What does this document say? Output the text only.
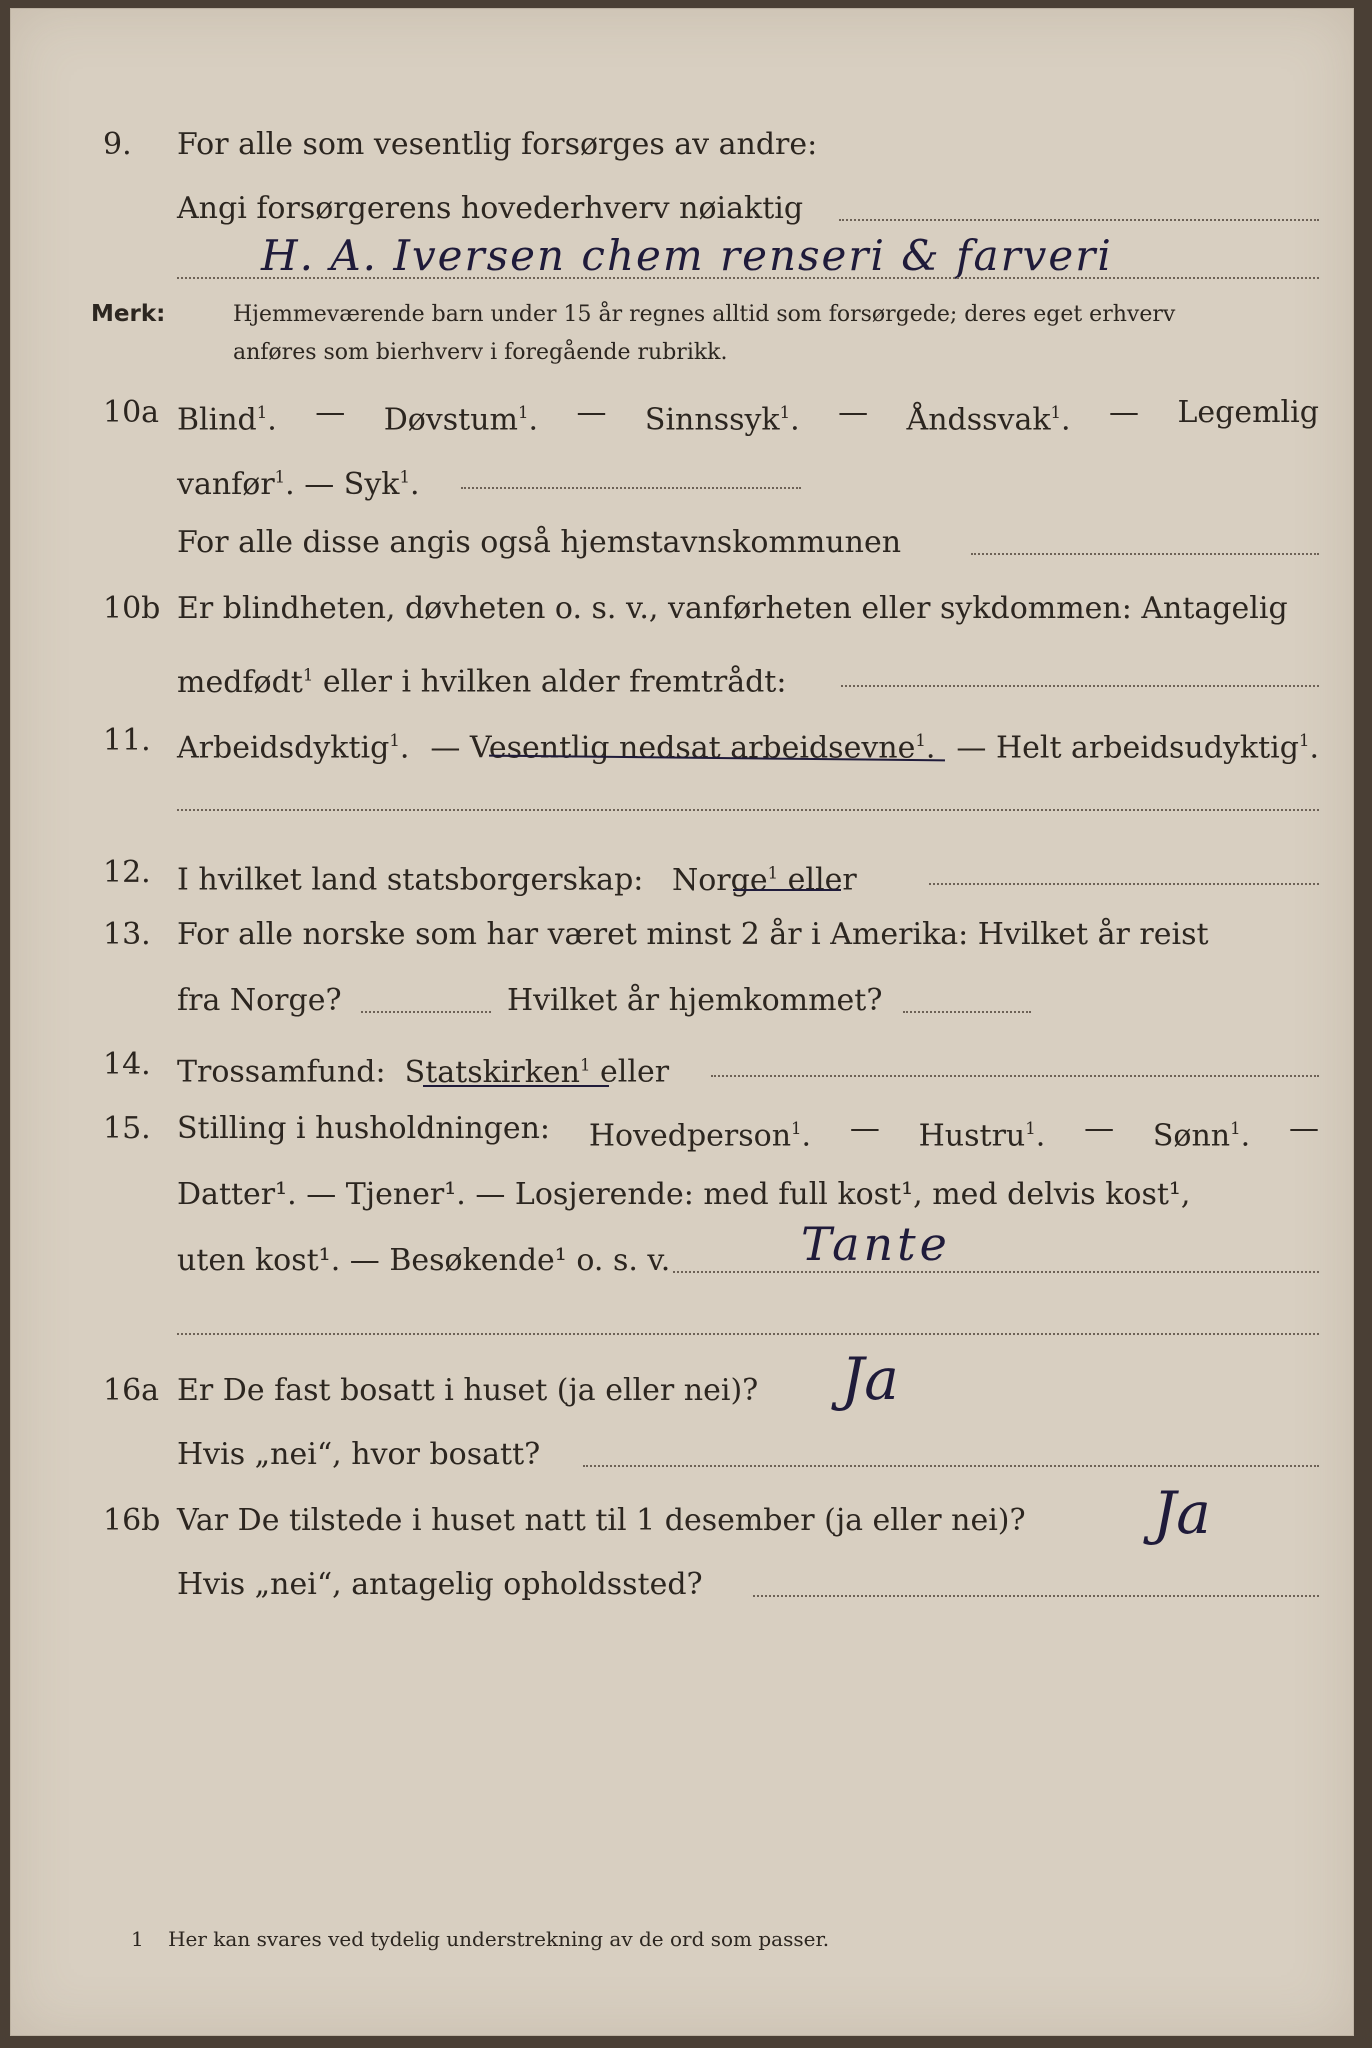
9.	For alle som vesentlig forsørges av andre:
Angi forsørgerens hovederhverv nøiaktig
H. A. Iversen chem renseri & farveri
Merk:	Hjemmeværende barn under 15 år regnes alltid som forsørgede; deres eget erhverv
anføres som bierhverv i foregående rubrikk.
10a Blind$^1$. — Døvstum$^1$. — Sinnssyk$^1$. — Åndssvak$^1$. — Legemlig
vanfør$^1$. — Syk$^1$.
For alle disse angis også hjemstavnskommunen
10b Er blindheten, døvheten o. s. v., vanførheten eller sykdommen: Antagelig
medfødt$^1$ eller i hvilken alder fremtrådt:
11. Arbeidsdyktig$^1$. — Vesentlig nedsat arbeidsevne$^1$. — Helt arbeidsudyktig$^1$.
12. I hvilket land statsborgerskap: Norge$^1$ eller
13. For alle norske som har været minst 2 år i Amerika: Hvilket år reist
fra Norge?	Hvilket år hjemkommet?
14. Trossamfund: Statskirken$^1$ eller
15. Stilling i husholdningen: Hovedperson$^1$. — Hustru$^1$. — Sønn$^1$. —
Datter¹. — Tjener¹. — Losjerende: med full kost¹, med delvis kost¹,
uten kost¹. — Besøkende¹ o. s. v.	Tante
16a Er De fast bosatt i huset (ja eller nei)? Ja
Hvis „nei“, hvor bosatt?
16b Var De tilstede i huset natt til 1 desember (ja eller nei)? Ja
Hvis „nei“, antagelig opholdssted?
1 Her kan svares ved tydelig understrekning av de ord som passer.
